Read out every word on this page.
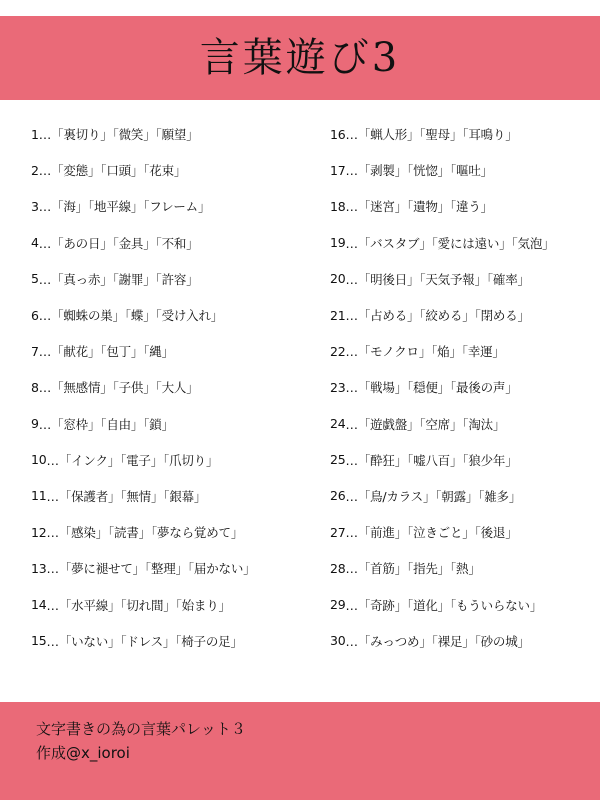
言葉遊び3
1 …「裏切り」「微笑」「願望」
2 …「変態」「口頭」「花束」
3 …「海」「地平線」「フレーム」
4 …「あの日」「金具」「不和」
5 …「真っ赤」「謝罪」「許容」
6 …「蜘蛛の巣」「蝶」「受け入れ」
7 …「献花」「包丁」「縄」
8 …「無感情」「子供」「大人」
9 …「窓枠」「自由」「鎖」
10 …「インク」「電子」「爪切り」
11 …「保護者」「無情」「銀幕」
12 …「感染」「読書」「夢なら覚めて」
13 …「夢に褪せて」「整理」「届かない」
14 …「水平線」「切れ間」「始まり」
15 …「いない」「ドレス」「椅子の足」
16 …「蝋人形」「聖母」「耳鳴り」
17 …「剥製」「恍惚」「嘔吐」
18 …「迷宮」「遺物」「違う」
19 …「バスタブ」「愛には遠い」「気泡」
20 …「明後日」「天気予報」「確率」
21 …「占める」「絞める」「閉める」
22 …「モノクロ」「焔」「幸運」
23 …「戦場」「穏便」「最後の声」
24 …「遊戯盤」「空席」「淘汰」
25 …「酔狂」「嘘八百」「狼少年」
26 …「鳥/カラス」「朝露」「雑多」
27 …「前進」「泣きごと」「後退」
28 …「首筋」「指先」「熱」
29 …「奇跡」「道化」「もういらない」
30 …「みっつめ」「裸足」「砂の城」
文字書きの為の言葉パレット３
作成@x_ioroi
